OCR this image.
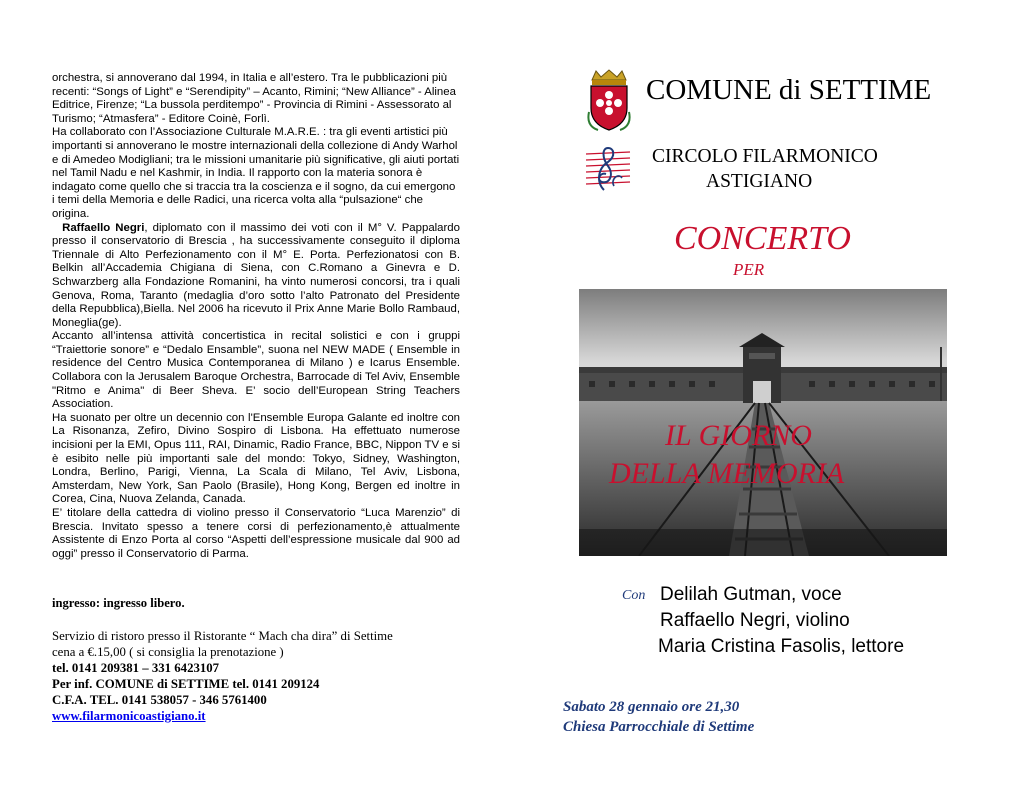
orchestra, si annoverano dal 1994, in Italia e all’estero. Tra le pubblicazioni più recenti: “Songs of Light” e “Serendipity” – Acanto, Rimini; “New Alliance” - Alinea Editrice, Firenze; “La bussola perditempo” - Provincia di Rimini - Assessorato al Turismo; “Atmasfera” - Editore Coinè, Forlì.

Ha collaborato con l’Associazione Culturale M.A.R.E. : tra gli eventi artistici più importanti si annoverano le mostre internazionali della collezione di Andy Warhol e di Amedeo Modigliani; tra le missioni umanitarie più significative, gli aiuti portati nel Tamil Nadu e nel Kashmir, in India. Il rapporto con la materia sonora è indagato come quello che si traccia tra la coscienza e il sogno, da cui emergono i temi della Memoria e delle Radici, una ricerca volta alla “pulsazione“ che origina.

Raffaello Negri, diplomato con il massimo dei voti con il M° V. Pappalardo presso il conservatorio di Brescia , ha successivamente conseguito il diploma Triennale di Alto Perfezionamento con il M° E. Porta. Perfezionatosi con B. Belkin all’Accademia Chigiana di Siena, con C.Romano a Ginevra e D. Schwarzberg alla Fondazione Romanini, ha vinto numerosi concorsi, tra i quali Genova, Roma, Taranto (medaglia d’oro sotto l’alto Patronato del Presidente della Repubblica),Biella. Nel 2006 ha ricevuto il Prix Anne Marie Bollo Rambaud, Moneglia(ge).

Accanto all’intensa attività concertistica in recital solistici e con i gruppi “Traiettorie sonore” e “Dedalo Ensamble”, suona nel NEW MADE ( Ensemble in residence del Centro Musica Contemporanea di Milano ) e Icarus Ensemble. Collabora con la Jerusalem Baroque Orchestra, Barrocade di Tel Aviv, Ensemble "Ritmo e Anima" di Beer Sheva. E’ socio dell’European String Teachers Association.

Ha suonato per oltre un decennio con l'Ensemble Europa Galante ed inoltre con La Risonanza, Zefiro, Divino Sospiro di Lisbona. Ha effettuato numerose incisioni per la EMI, Opus 111, RAI, Dinamic, Radio France, BBC, Nippon TV e si è esibito nelle più importanti sale del mondo: Tokyo, Sidney, Washington, Londra, Berlino, Parigi, Vienna, La Scala di Milano, Tel Aviv, Lisbona, Amsterdam, New York, San Paolo (Brasile), Hong Kong, Bergen ed inoltre in Corea, Cina, Nuova Zelanda, Canada.

E’ titolare della cattedra di violino presso il Conservatorio “Luca Marenzio” di Brescia. Invitato spesso a tenere corsi di perfezionamento,è attualmente Assistente di Enzo Porta al corso “Aspetti dell’espressione musicale dal 900 ad oggi” presso il Conservatorio di Parma.

ingresso: ingresso libero.
Servizio di ristoro presso il Ristorante “ Mach cha dira” di Settime
cena a €.15,00 ( si consiglia la prenotazione )
tel. 0141 209381 – 331 6423107
Per inf. COMUNE di SETTIME tel. 0141 209124
C.F.A. TEL. 0141 538057 - 346 5761400
www.filarmonicoastigiano.it
COMUNE di SETTIME
CIRCOLO FILARMONICO
ASTIGIANO
CONCERTO
PER
IL GIORNO
DELLA MEMORIA
Con Delilah Gutman, voce
Raffaello Negri, violino
Maria Cristina Fasolis, lettore
Sabato 28 gennaio ore 21,30
Chiesa Parrocchiale di Settime
